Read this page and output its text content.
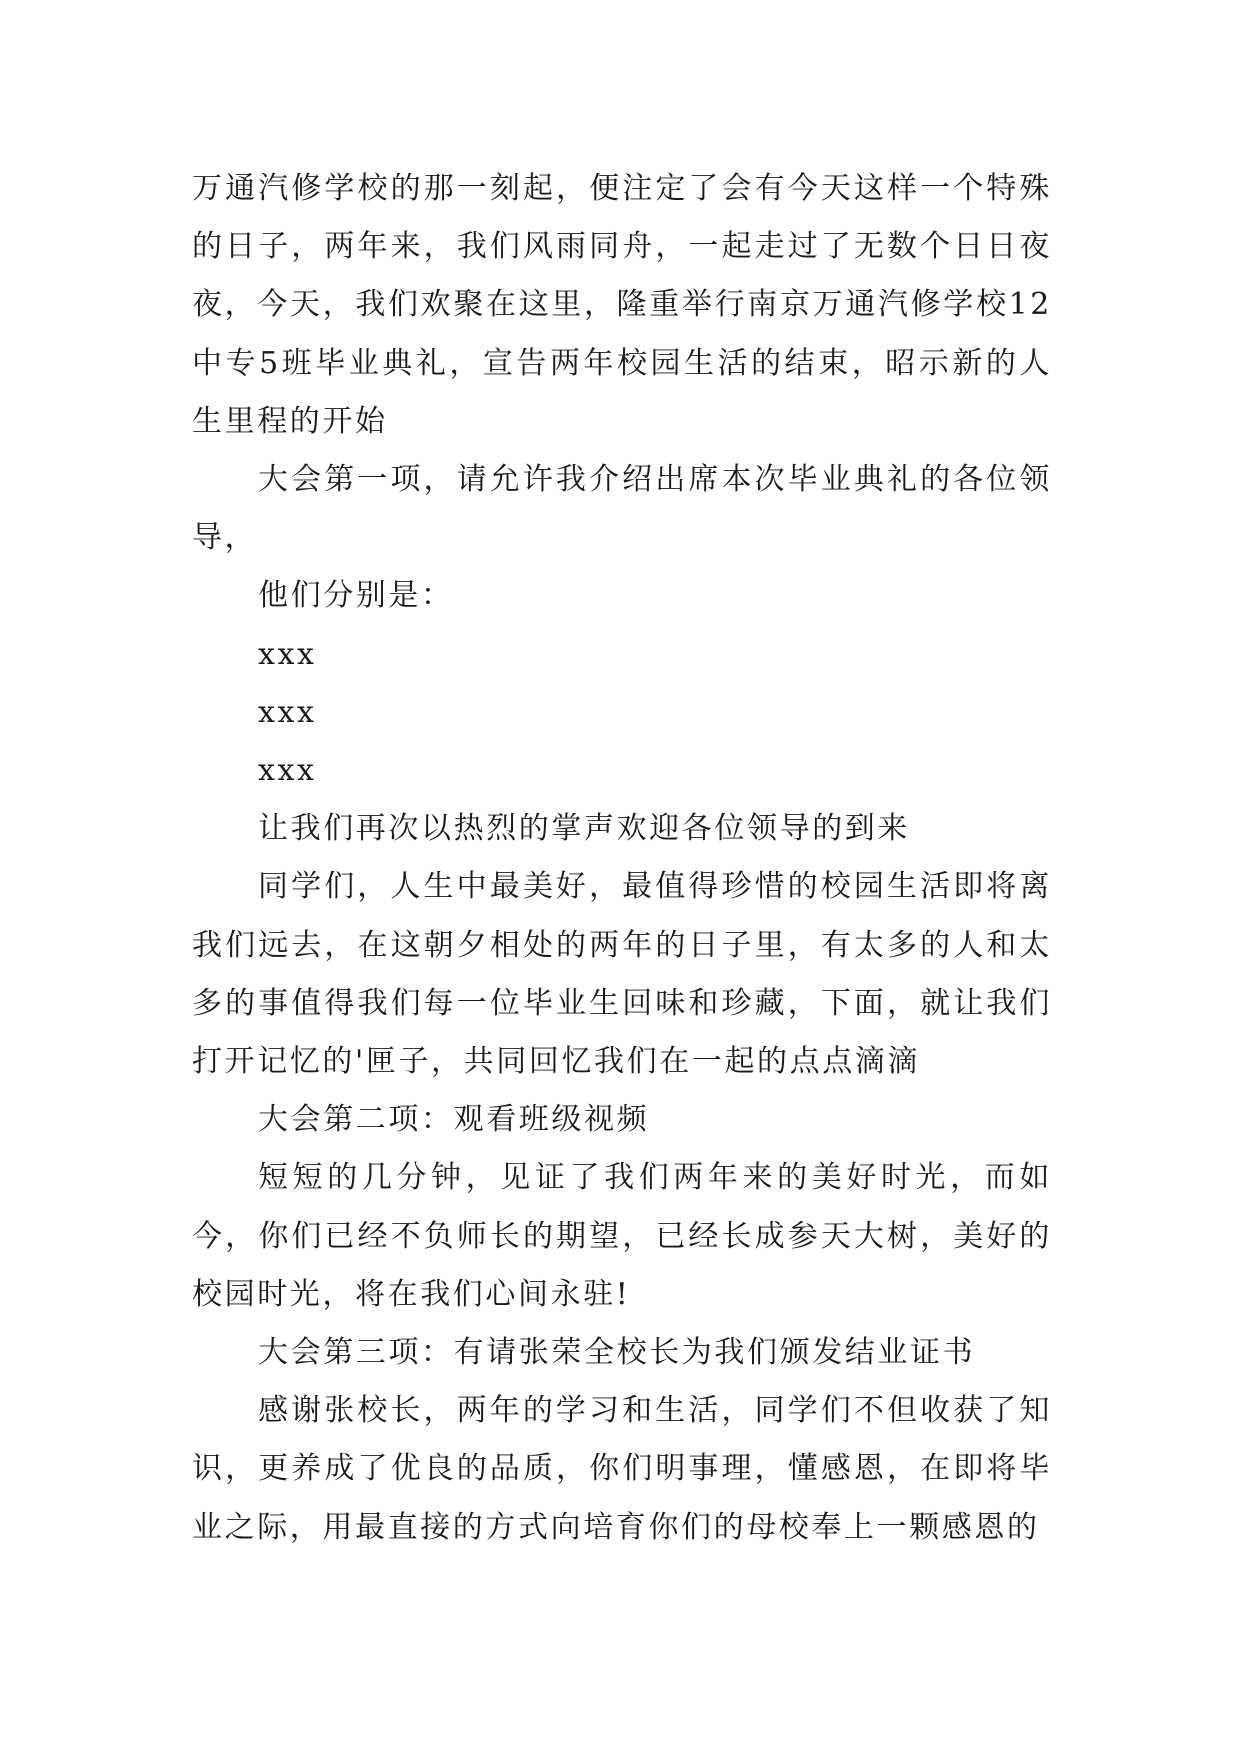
万通汽修学校的那一刻起，便注定了会有今天这样一个特殊的日子，两年来，我们风雨同舟，一起走过了无数个日日夜夜，今天，我们欢聚在这里，隆重举行南京万通汽修学校12中专5班毕业典礼，宣告两年校园生活的结束，昭示新的人生里程的开始

大会第一项，请允许我介绍出席本次毕业典礼的各位领导，

他们分别是：

xxx

xxx

xxx

让我们再次以热烈的掌声欢迎各位领导的到来

同学们，人生中最美好，最值得珍惜的校园生活即将离我们远去，在这朝夕相处的两年的日子里，有太多的人和太多的事值得我们每一位毕业生回味和珍藏，下面，就让我们打开记忆的'匣子，共同回忆我们在一起的点点滴滴

大会第二项：观看班级视频

短短的几分钟，见证了我们两年来的美好时光，而如今，你们已经不负师长的期望，已经长成参天大树，美好的校园时光，将在我们心间永驻!

大会第三项：有请张荣全校长为我们颁发结业证书

感谢张校长，两年的学习和生活，同学们不但收获了知识，更养成了优良的品质，你们明事理，懂感恩，在即将毕业之际，用最直接的方式向培育你们的母校奉上一颗感恩的
